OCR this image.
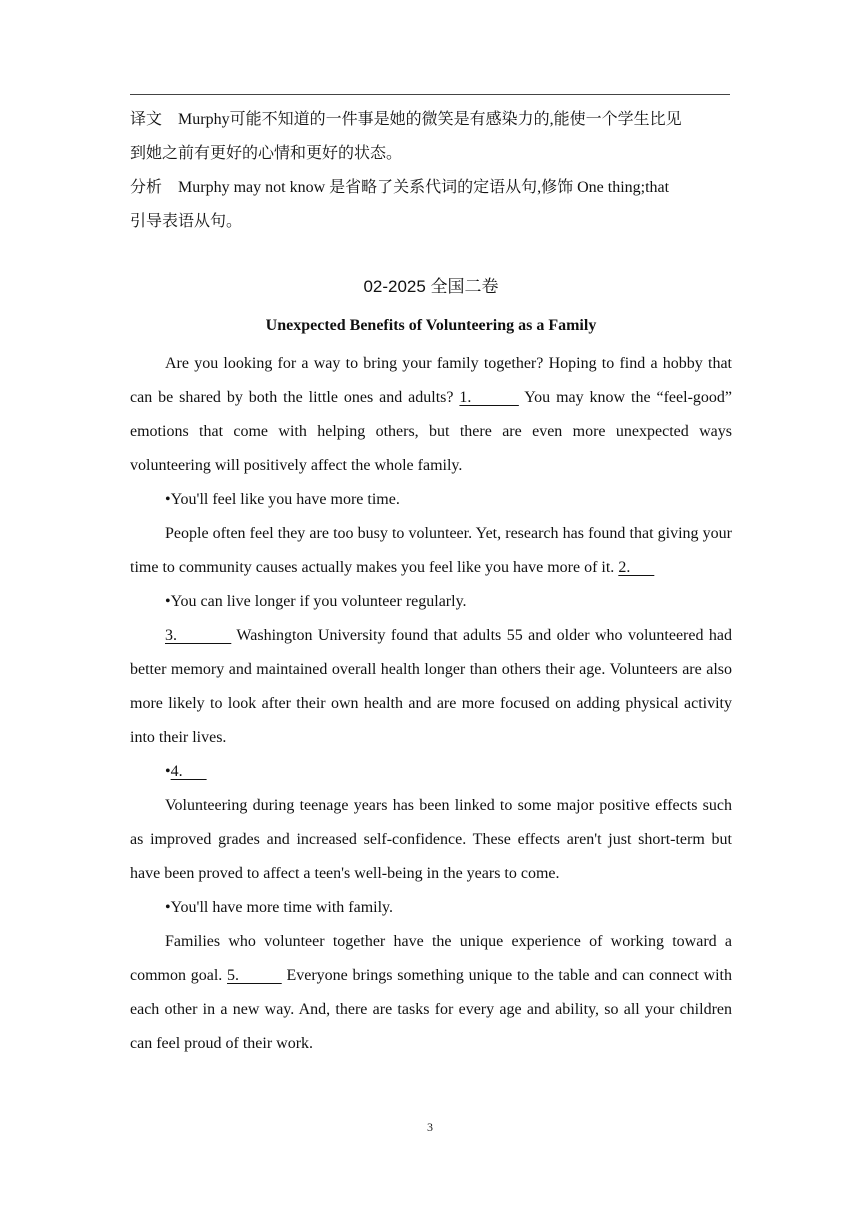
译文 Murphy可能不知道的一件事是她的微笑是有感染力的,能使一个学生比见

到她之前有更好的心情和更好的状态。

分析 Murphy may not know 是省略了关系代词的定语从句,修饰 One thing;that

引导表语从句。

02-2025 全国二卷

Unexpected Benefits of Volunteering as a Family

Are you looking for a way to bring your family together? Hoping to find a hobby that can be shared by both the little ones and adults? 1.         You may know the “feel-good” emotions that come with helping others, but there are even more unexpected ways volunteering will positively affect the whole family.

•You'll feel like you have more time.

People often feel they are too busy to volunteer. Yet, research has found that giving your time to community causes actually makes you feel like you have more of it. 2.

•You can live longer if you volunteer regularly.

3.           Washington University found that adults 55 and older who volunteered had better memory and maintained overall health longer than others their age. Volunteers are also more likely to look after their own health and are more focused on adding physical activity into their lives.

•4.

Volunteering during teenage years has been linked to some major positive effects such as improved grades and increased self-confidence. These effects aren't just short-term but have been proved to affect a teen's well-being in the years to come.

•You'll have more time with family.

Families who volunteer together have the unique experience of working toward a common goal. 5.          Everyone brings something unique to the table and can connect with each other in a new way. And, there are tasks for every age and ability, so all your children can feel proud of their work.

3
